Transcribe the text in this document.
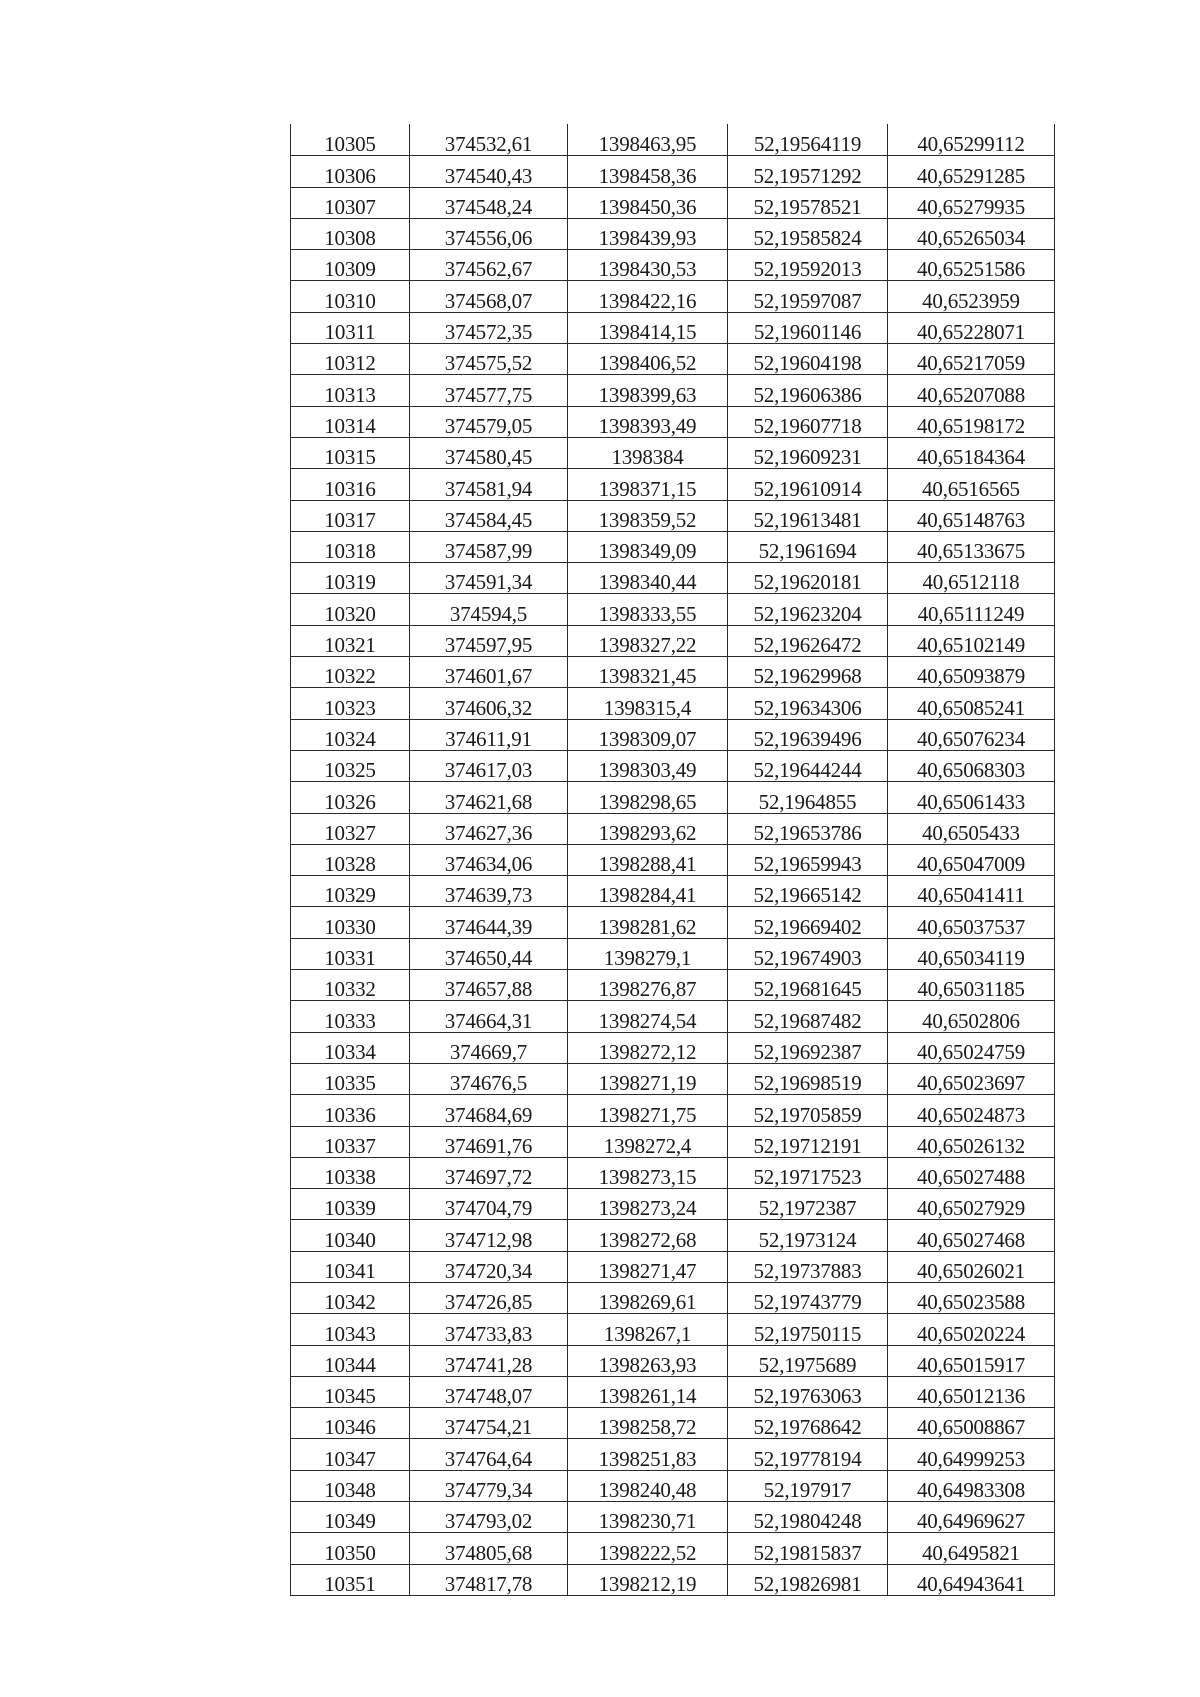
10305	374532,61	1398463,95	52,19564119	40,65299112
10306	374540,43	1398458,36	52,19571292	40,65291285
10307	374548,24	1398450,36	52,19578521	40,65279935
10308	374556,06	1398439,93	52,19585824	40,65265034
10309	374562,67	1398430,53	52,19592013	40,65251586
10310	374568,07	1398422,16	52,19597087	40,6523959
10311	374572,35	1398414,15	52,19601146	40,65228071
10312	374575,52	1398406,52	52,19604198	40,65217059
10313	374577,75	1398399,63	52,19606386	40,65207088
10314	374579,05	1398393,49	52,19607718	40,65198172
10315	374580,45	1398384	52,19609231	40,65184364
10316	374581,94	1398371,15	52,19610914	40,6516565
10317	374584,45	1398359,52	52,19613481	40,65148763
10318	374587,99	1398349,09	52,1961694	40,65133675
10319	374591,34	1398340,44	52,19620181	40,6512118
10320	374594,5	1398333,55	52,19623204	40,65111249
10321	374597,95	1398327,22	52,19626472	40,65102149
10322	374601,67	1398321,45	52,19629968	40,65093879
10323	374606,32	1398315,4	52,19634306	40,65085241
10324	374611,91	1398309,07	52,19639496	40,65076234
10325	374617,03	1398303,49	52,19644244	40,65068303
10326	374621,68	1398298,65	52,1964855	40,65061433
10327	374627,36	1398293,62	52,19653786	40,6505433
10328	374634,06	1398288,41	52,19659943	40,65047009
10329	374639,73	1398284,41	52,19665142	40,65041411
10330	374644,39	1398281,62	52,19669402	40,65037537
10331	374650,44	1398279,1	52,19674903	40,65034119
10332	374657,88	1398276,87	52,19681645	40,65031185
10333	374664,31	1398274,54	52,19687482	40,6502806
10334	374669,7	1398272,12	52,19692387	40,65024759
10335	374676,5	1398271,19	52,19698519	40,65023697
10336	374684,69	1398271,75	52,19705859	40,65024873
10337	374691,76	1398272,4	52,19712191	40,65026132
10338	374697,72	1398273,15	52,19717523	40,65027488
10339	374704,79	1398273,24	52,1972387	40,65027929
10340	374712,98	1398272,68	52,1973124	40,65027468
10341	374720,34	1398271,47	52,19737883	40,65026021
10342	374726,85	1398269,61	52,19743779	40,65023588
10343	374733,83	1398267,1	52,19750115	40,65020224
10344	374741,28	1398263,93	52,1975689	40,65015917
10345	374748,07	1398261,14	52,19763063	40,65012136
10346	374754,21	1398258,72	52,19768642	40,65008867
10347	374764,64	1398251,83	52,19778194	40,64999253
10348	374779,34	1398240,48	52,197917	40,64983308
10349	374793,02	1398230,71	52,19804248	40,64969627
10350	374805,68	1398222,52	52,19815837	40,6495821
10351	374817,78	1398212,19	52,19826981	40,64943641
